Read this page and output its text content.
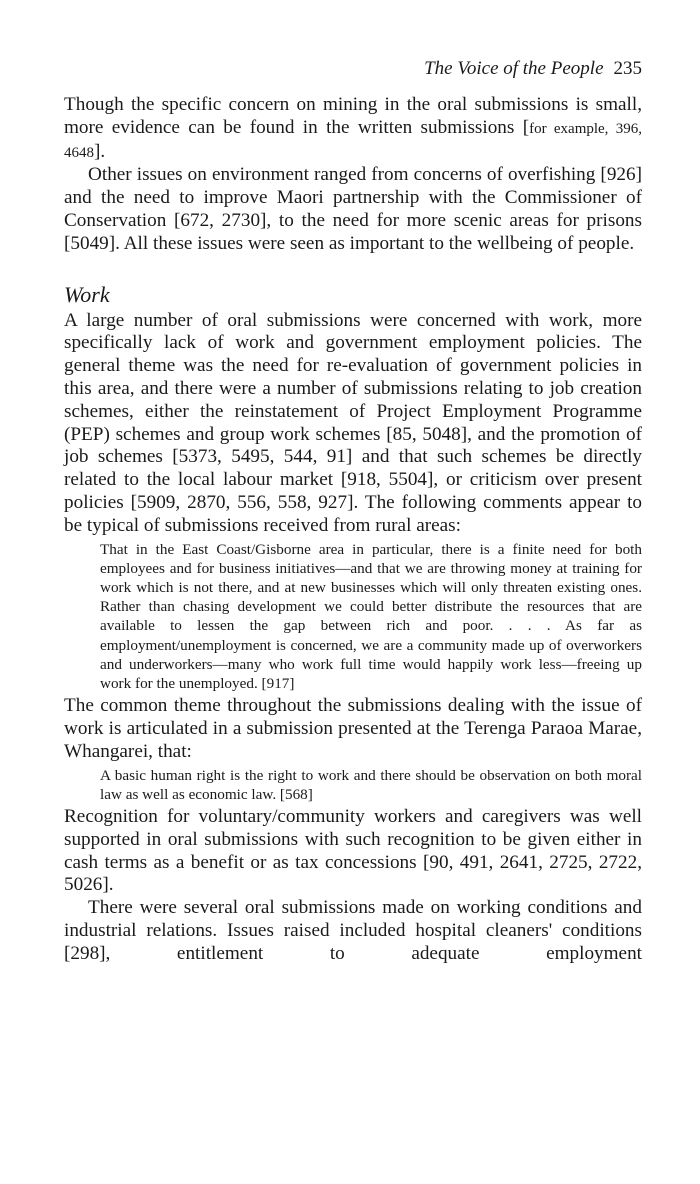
The Voice of the People 235

Though the specific concern on mining in the oral submissions is small, more evidence can be found in the written submissions [for example, 396, 4648].

Other issues on environment ranged from concerns of overfishing [926] and the need to improve Maori partnership with the Commissioner of Conservation [672, 2730], to the need for more scenic areas for prisons [5049]. All these issues were seen as important to the wellbeing of people.

Work

A large number of oral submissions were concerned with work, more specifically lack of work and government employment policies. The general theme was the need for re-evaluation of government policies in this area, and there were a number of submissions relating to job creation schemes, either the reinstatement of Project Employment Programme (PEP) schemes and group work schemes [85, 5048], and the promotion of job schemes [5373, 5495, 544, 91] and that such schemes be directly related to the local labour market [918, 5504], or criticism over present policies [5909, 2870, 556, 558, 927]. The following comments appear to be typical of submissions received from rural areas:

That in the East Coast/Gisborne area in particular, there is a finite need for both employees and for business initiatives—and that we are throwing money at training for work which is not there, and at new businesses which will only threaten existing ones. Rather than chasing development we could better distribute the resources that are available to lessen the gap between rich and poor. . . . As far as employment/unemployment is concerned, we are a community made up of overworkers and underworkers—many who work full time would happily work less—freeing up work for the unemployed. [917]

The common theme throughout the submissions dealing with the issue of work is articulated in a submission presented at the Terenga Paraoa Marae, Whangarei, that:

A basic human right is the right to work and there should be observation on both moral law as well as economic law. [568]

Recognition for voluntary/community workers and caregivers was well supported in oral submissions with such recognition to be given either in cash terms as a benefit or as tax concessions [90, 491, 2641, 2725, 2722, 5026].

There were several oral submissions made on working conditions and industrial relations. Issues raised included hospital cleaners' conditions [298], entitlement to adequate employment
